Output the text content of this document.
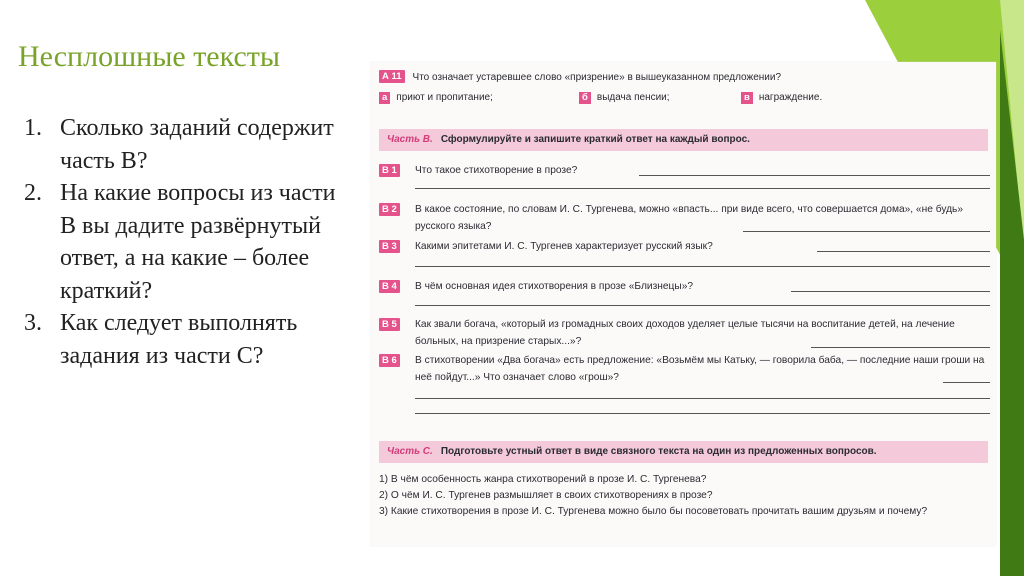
Несплошные тексты
1. Сколько заданий содержит часть В?
2. На какие вопросы из части В вы дадите развёрнутый ответ, а на какие – более краткий?
3. Как следует выполнять задания из части С?
А 11 Что означает устаревшее слово «призрение» в вышеуказанном предложении?
а приют и пропитание;	б выдача пенсии;	в награждение.
Часть В. Сформулируйте и запишите краткий ответ на каждый вопрос.
В 1 Что такое стихотворение в прозе?
В 2 В какое состояние, по словам И. С. Тургенева, можно «впасть... при виде всего, что совершается дома», «не будь» русского языка?
В 3 Какими эпитетами И. С. Тургенев характеризует русский язык?
В 4 В чём основная идея стихотворения в прозе «Близнецы»?
В 5 Как звали богача, «который из громадных своих доходов уделяет целые тысячи на воспитание детей, на лечение больных, на призрение старых...»?
В 6 В стихотворении «Два богача» есть предложение: «Возьмём мы Катьку, — говорила баба, — последние наши гроши на неё пойдут...» Что означает слово «грош»?
Часть С. Подготовьте устный ответ в виде связного текста на один из предложенных вопросов.
1) В чём особенность жанра стихотворений в прозе И. С. Тургенева?
2) О чём И. С. Тургенев размышляет в своих стихотворениях в прозе?
3) Какие стихотворения в прозе И. С. Тургенева можно было бы посоветовать прочитать вашим друзьям и почему?
